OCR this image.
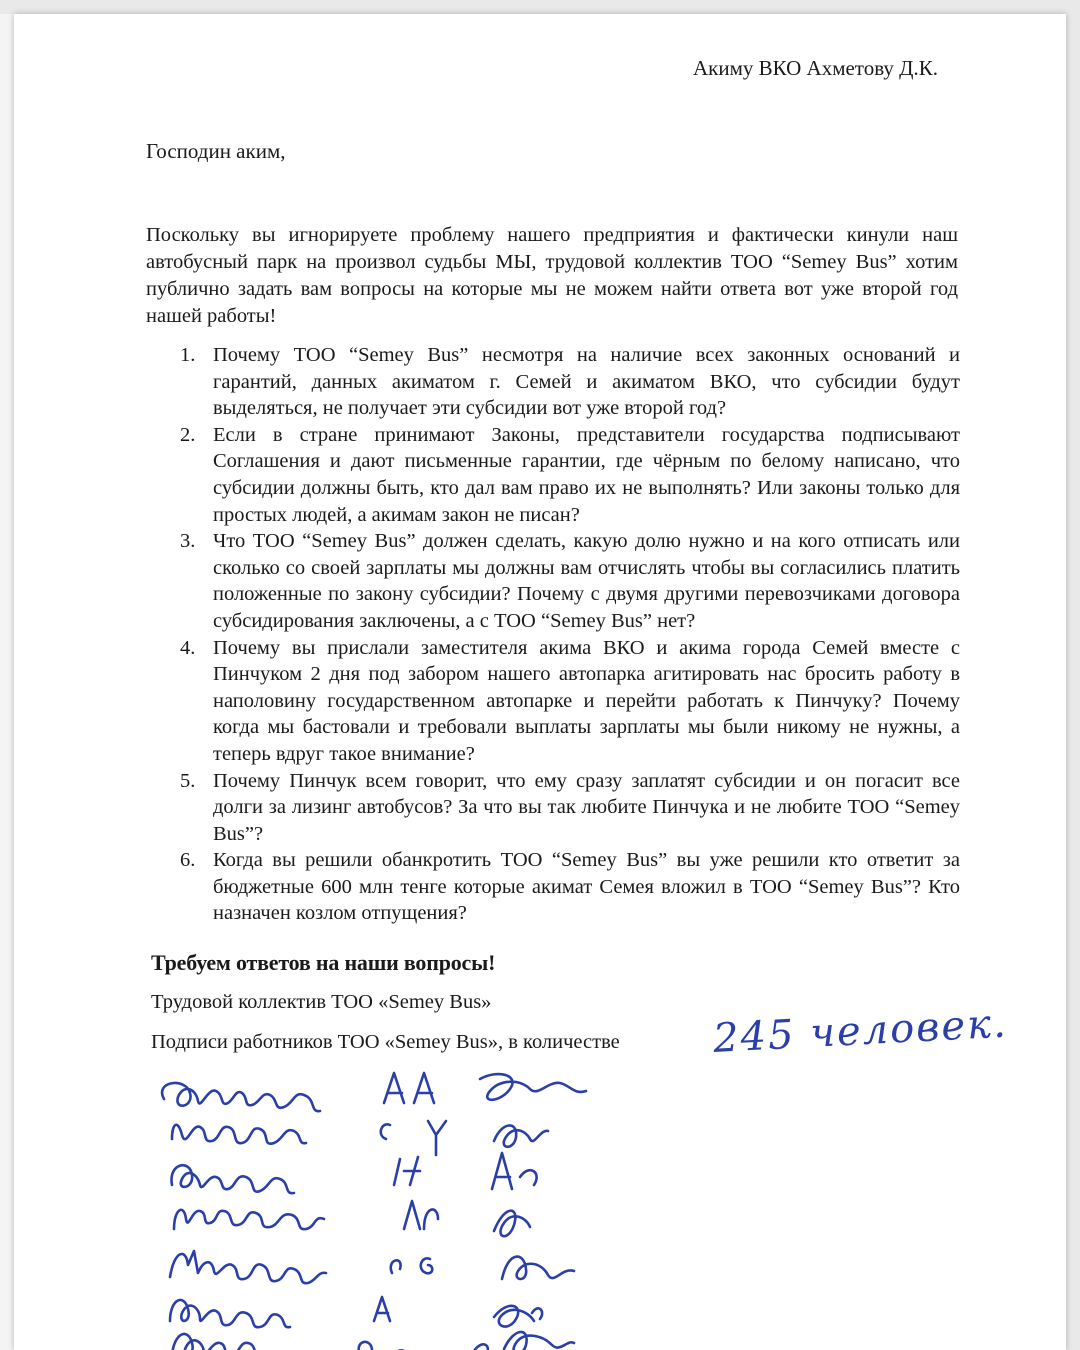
Акиму ВКО Ахметову Д.К.
Господин аким,

Поскольку вы игнорируете проблему нашего предприятия и фактически кинули наш автобусный парк на произвол судьбы МЫ, трудовой коллектив ТОО “Semey Bus” хотим публично задать вам вопросы на которые мы не можем найти ответа вот уже второй год нашей работы!

1. Почему ТОО “Semey Bus” несмотря на наличие всех законных оснований и гарантий, данных акиматом г. Семей и акиматом ВКО, что субсидии будут выделяться, не получает эти субсидии вот уже второй год?
2. Если в стране принимают Законы, представители государства подписывают Соглашения и дают письменные гарантии, где чёрным по белому написано, что субсидии должны быть, кто дал вам право их не выполнять? Или законы только для простых людей, а акимам закон не писан?
3. Что ТОО “Semey Bus” должен сделать, какую долю нужно и на кого отписать или сколько со своей зарплаты мы должны вам отчислять чтобы вы согласились платить положенные по закону субсидии? Почему с двумя другими перевозчиками договора субсидирования заключены, а с ТОО “Semey Bus” нет?
4. Почему вы прислали заместителя акима ВКО и акима города Семей вместе с Пинчуком 2 дня под забором нашего автопарка агитировать нас бросить работу в наполовину государственном автопарке и перейти работать к Пинчуку? Почему когда мы бастовали и требовали выплаты зарплаты мы были никому не нужны, а теперь вдруг такое внимание?
5. Почему Пинчук всем говорит, что ему сразу заплатят субсидии и он погасит все долги за лизинг автобусов? За что вы так любите Пинчука и не любите ТОО “Semey Bus”?
6. Когда вы решили обанкротить ТОО “Semey Bus” вы уже решили кто ответит за бюджетные 600 млн тенге которые акимат Семея вложил в ТОО “Semey Bus”? Кто назначен козлом отпущения?
Требуем ответов на наши вопросы!
Трудовой коллектив ТОО «Semey Bus»
Подписи работников ТОО «Semey Bus», в количестве 245 человек.
